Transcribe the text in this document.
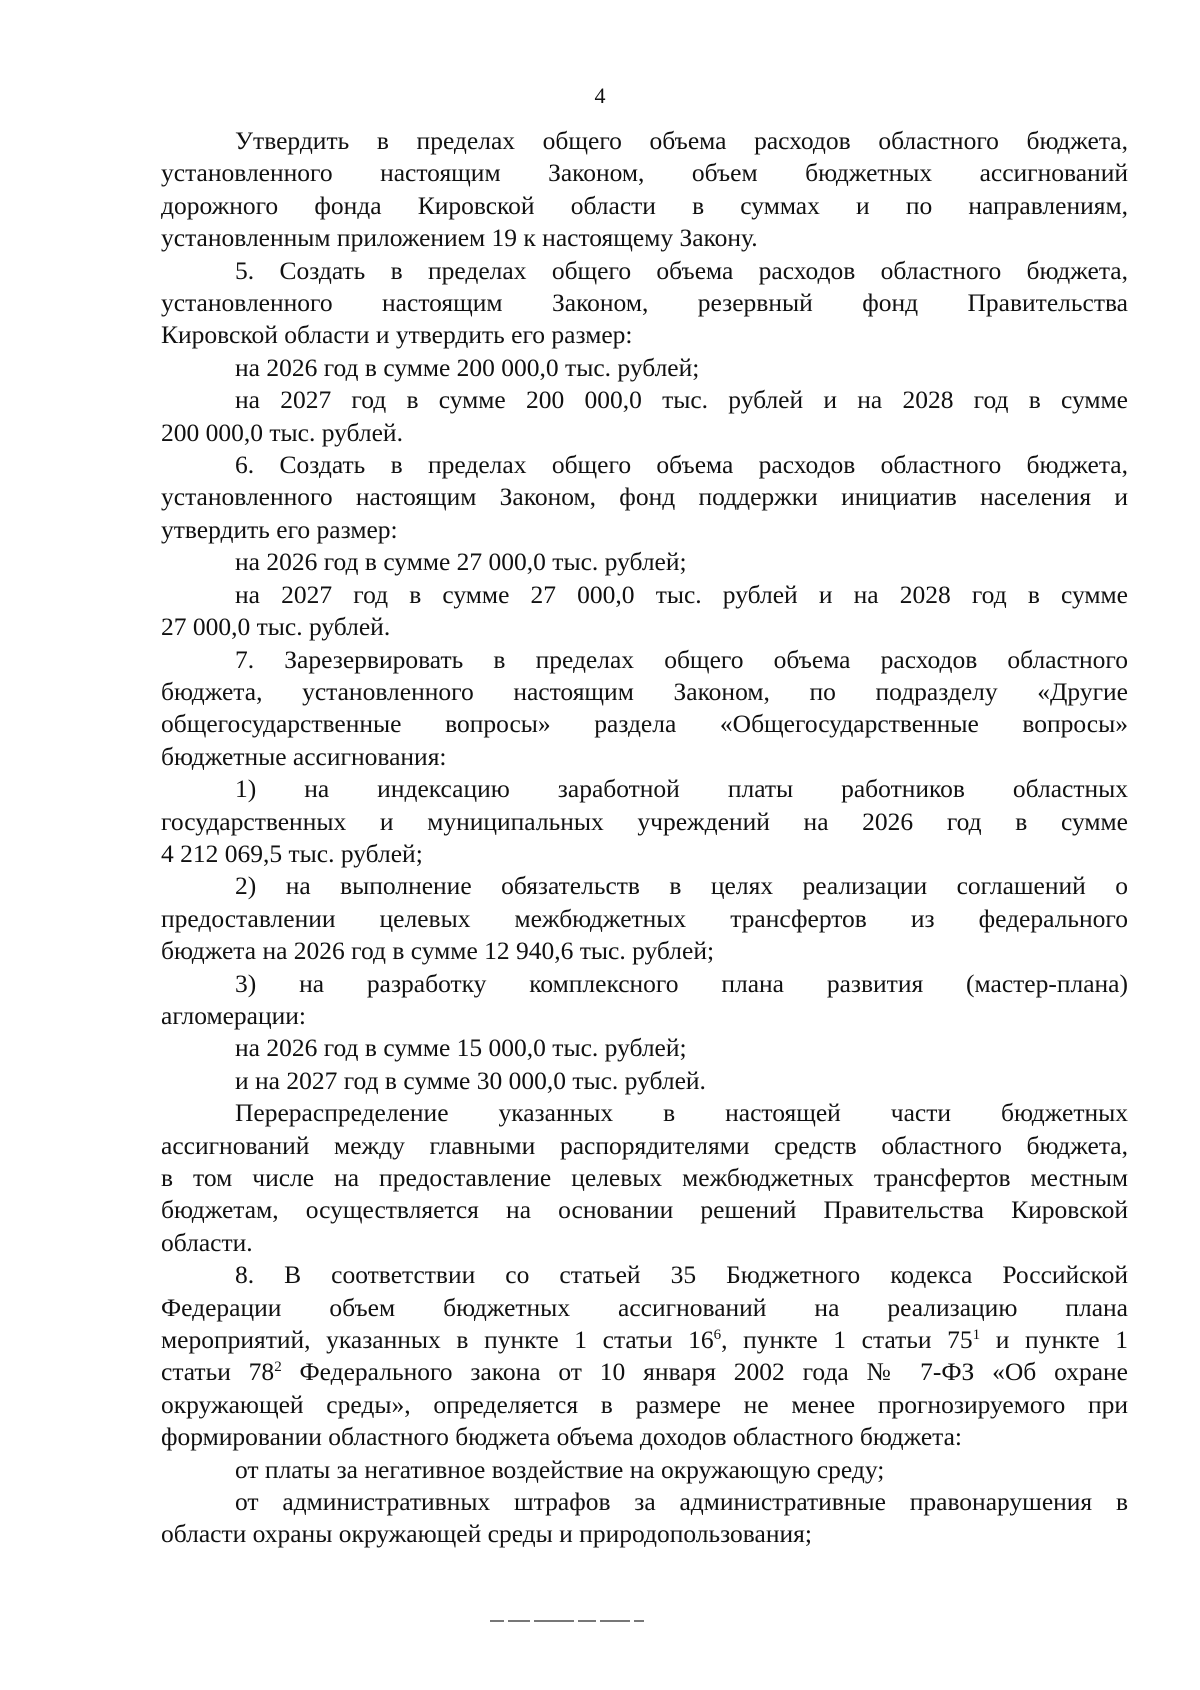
4
Утвердить в пределах общего объема расходов областного бюджета,
установленного настоящим Законом, объем бюджетных ассигнований
дорожного фонда Кировской области в суммах и по направлениям,
установленным приложением 19 к настоящему Закону.
5. Создать в пределах общего объема расходов областного бюджета,
установленного настоящим Законом, резервный фонд Правительства
Кировской области и утвердить его размер:
на 2026 год в сумме 200 000,0 тыс. рублей;
на 2027 год в сумме 200 000,0 тыс. рублей и на 2028 год в сумме
200 000,0 тыс. рублей.
6. Создать в пределах общего объема расходов областного бюджета,
установленного настоящим Законом, фонд поддержки инициатив населения и
утвердить его размер:
на 2026 год в сумме 27 000,0 тыс. рублей;
на 2027 год в сумме 27 000,0 тыс. рублей и на 2028 год в сумме
27 000,0 тыс. рублей.
7. Зарезервировать в пределах общего объема расходов областного
бюджета, установленного настоящим Законом, по подразделу «Другие
общегосударственные вопросы» раздела «Общегосударственные вопросы»
бюджетные ассигнования:
1) на индексацию заработной платы работников областных
государственных и муниципальных учреждений на 2026 год в сумме
4 212 069,5 тыс. рублей;
2) на выполнение обязательств в целях реализации соглашений о
предоставлении целевых межбюджетных трансфертов из федерального
бюджета на 2026 год в сумме 12 940,6 тыс. рублей;
3) на разработку комплексного плана развития (мастер-плана)
агломерации:
на 2026 год в сумме 15 000,0 тыс. рублей;
и на 2027 год в сумме 30 000,0 тыс. рублей.
Перераспределение указанных в настоящей части бюджетных
ассигнований между главными распорядителями средств областного бюджета,
в том числе на предоставление целевых межбюджетных трансфертов местным
бюджетам, осуществляется на основании решений Правительства Кировской
области.
8. В соответствии со статьей 35 Бюджетного кодекса Российской
Федерации объем бюджетных ассигнований на реализацию плана
мероприятий, указанных в пункте 1 статьи $16^6$, пункте 1 статьи $75^1$ и пункте 1
статьи $78^2$ Федерального закона от 10 января 2002 года № 7-ФЗ «Об охране
окружающей среды», определяется в размере не менее прогнозируемого при
формировании областного бюджета объема доходов областного бюджета:
от платы за негативное воздействие на окружающую среду;
от административных штрафов за административные правонарушения в
области охраны окружающей среды и природопользования;
